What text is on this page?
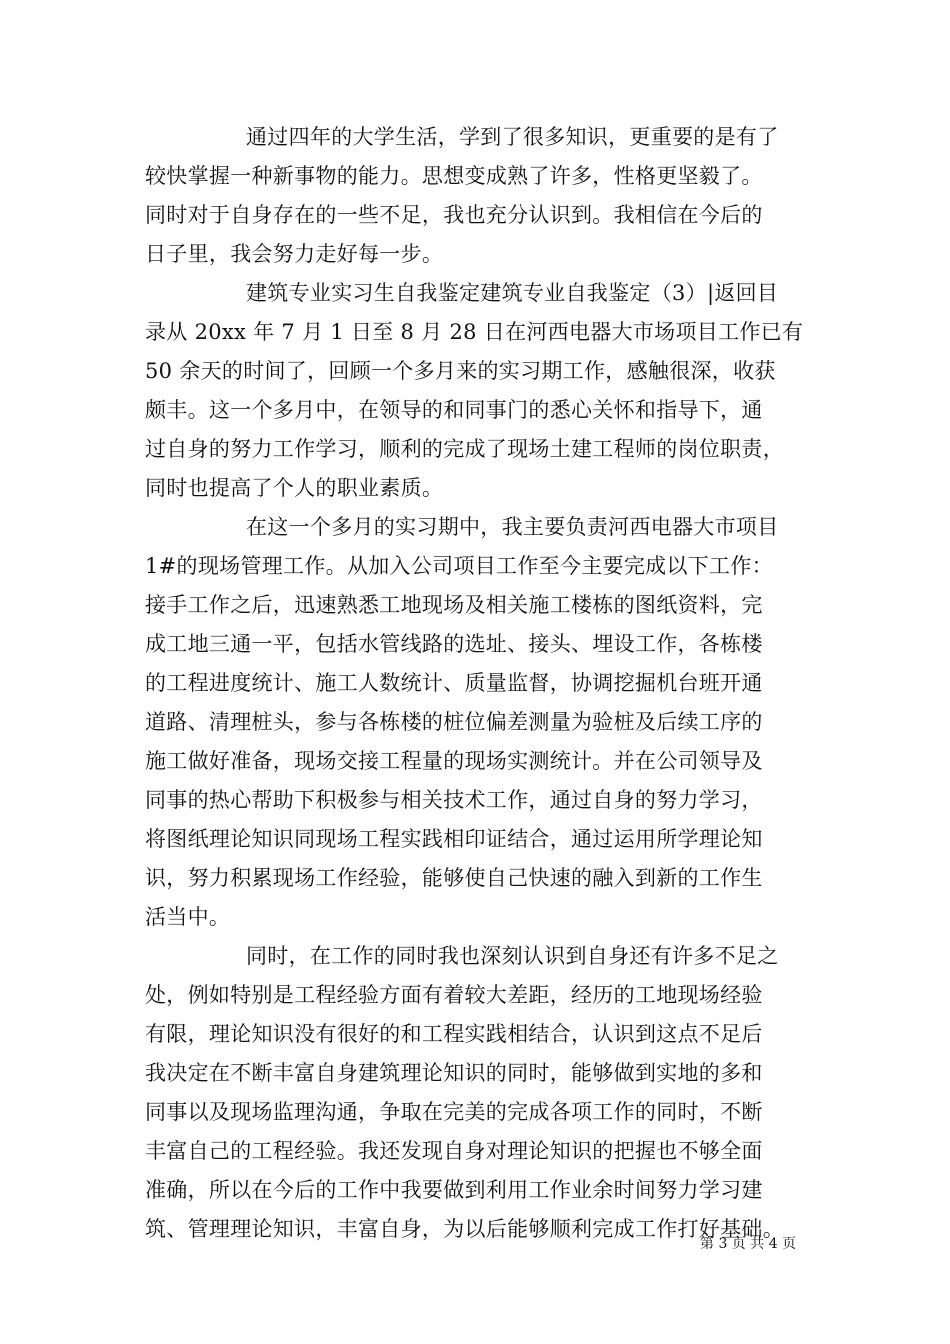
通过四年的大学生活，学到了很多知识，更重要的是有了
较快掌握一种新事物的能力。思想变成熟了许多，性格更坚毅了。
同时对于自身存在的一些不足，我也充分认识到。我相信在今后的
日子里，我会努力走好每一步。
建筑专业实习生自我鉴定建筑专业自我鉴定（3）|返回目
录从 20xx 年 7 月 1 日至 8 月 28 日在河西电器大市场项目工作已有
50 余天的时间了，回顾一个多月来的实习期工作，感触很深，收获
颇丰。这一个多月中，在领导的和同事门的悉心关怀和指导下，通
过自身的努力工作学习，顺利的完成了现场土建工程师的岗位职责，
同时也提高了个人的职业素质。
在这一个多月的实习期中，我主要负责河西电器大市项目
1#的现场管理工作。从加入公司项目工作至今主要完成以下工作：
接手工作之后，迅速熟悉工地现场及相关施工楼栋的图纸资料，完
成工地三通一平，包括水管线路的选址、接头、埋设工作，各栋楼
的工程进度统计、施工人数统计、质量监督，协调挖掘机台班开通
道路、清理桩头，参与各栋楼的桩位偏差测量为验桩及后续工序的
施工做好准备，现场交接工程量的现场实测统计。并在公司领导及
同事的热心帮助下积极参与相关技术工作，通过自身的努力学习，
将图纸理论知识同现场工程实践相印证结合，通过运用所学理论知
识，努力积累现场工作经验，能够使自己快速的融入到新的工作生
活当中。
同时，在工作的同时我也深刻认识到自身还有许多不足之
处，例如特别是工程经验方面有着较大差距，经历的工地现场经验
有限，理论知识没有很好的和工程实践相结合，认识到这点不足后
我决定在不断丰富自身建筑理论知识的同时，能够做到实地的多和
同事以及现场监理沟通，争取在完美的完成各项工作的同时，不断
丰富自己的工程经验。我还发现自身对理论知识的把握也不够全面
准确，所以在今后的工作中我要做到利用工作业余时间努力学习建
筑、管理理论知识，丰富自身，为以后能够顺利完成工作打好基础。
第 3 页 共 4 页
